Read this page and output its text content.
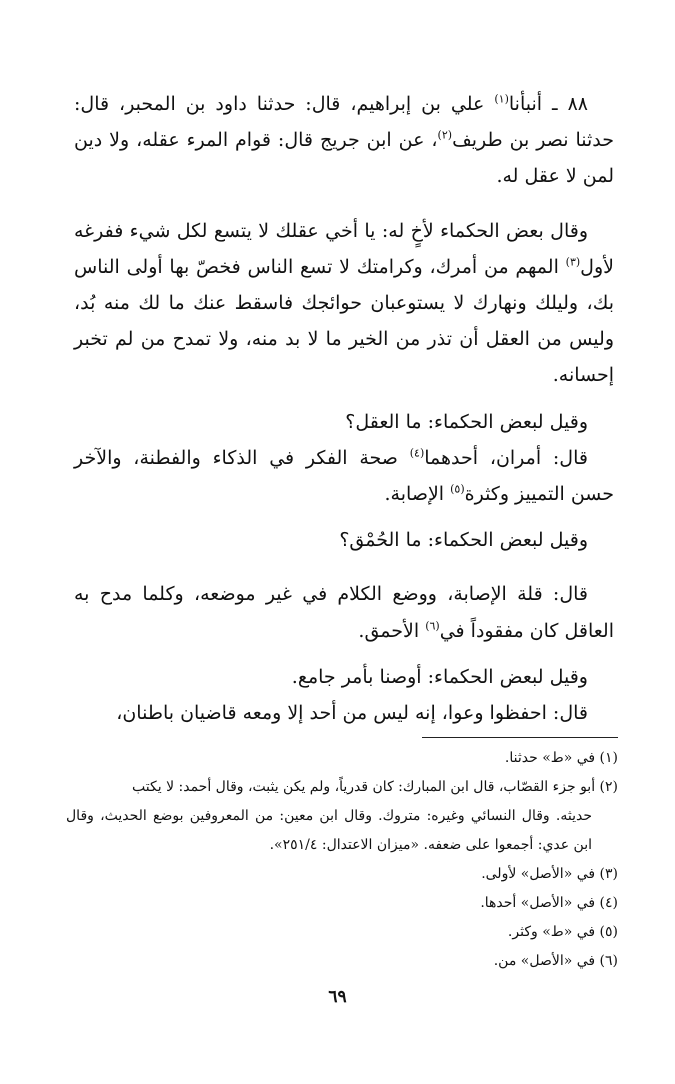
٨٨ ـ أنبأنا$^{(١)}$ علي بن إبراهيم، قال: حدثنا داود بن المحبر، قال: حدثنا نصر بن طريف$^{(٢)}$، عن ابن جريج قال: قوام المرء عقله، ولا دين لمن لا عقل له.

وقال بعض الحكماء لأخٍ له: يا أخي عقلك لا يتسع لكل شيء ففرغه لأول$^{(٣)}$ المهم من أمرك، وكرامتك لا تسع الناس فخصّ بها أولى الناس بك، وليلك ونهارك لا يستوعبان حوائجك فاسقط عنك ما لك منه بُد، وليس من العقل أن تذر من الخير ما لا بد منه، ولا تمدح من لم تخبر إحسانه.

وقيل لبعض الحكماء: ما العقل؟

قال: أمران، أحدهما$^{(٤)}$ صحة الفكر في الذكاء والفطنة، والآخر حسن التمييز وكثرة$^{(٥)}$ الإصابة.

وقيل لبعض الحكماء: ما الحُمْق؟

قال: قلة الإصابة، ووضع الكلام في غير موضعه، وكلما مدح به العاقل كان مفقوداً في$^{(٦)}$ الأحمق.

وقيل لبعض الحكماء: أوصنا بأمر جامع.

قال: احفظوا وعوا، إنه ليس من أحد إلا ومعه قاضيان باطنان،

(١) في «ط» حدثنا.

(٢) أبو جزء القصّاب، قال ابن المبارك: كان قدرياً، ولم يكن يثبت، وقال أحمد: لا يكتب

حديثه. وقال النسائي وغيره: متروك. وقال ابن معين: من المعروفين بوضع الحديث، وقال ابن عدي: أجمعوا على ضعفه. «ميزان الاعتدال: ٢٥١/٤».

(٣) في «الأصل» لأولى.

(٤) في «الأصل» أحدها.

(٥) في «ط» وكثر.

(٦) في «الأصل» من.

٦٩
